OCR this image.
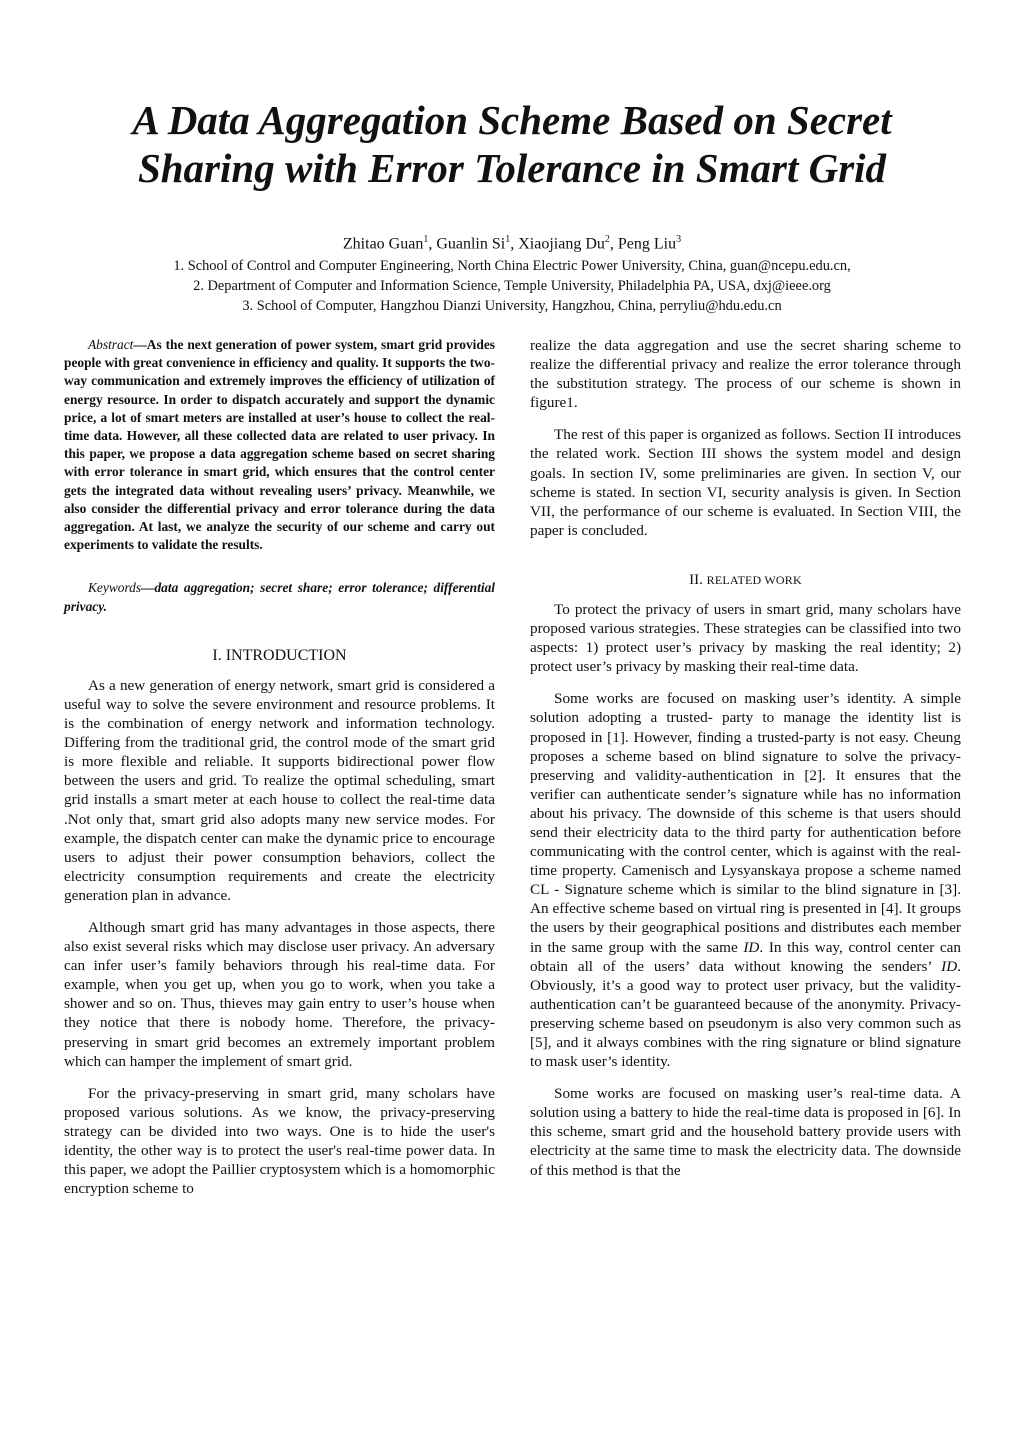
A Data Aggregation Scheme Based on Secret Sharing with Error Tolerance in Smart Grid
Zhitao Guan$^1$, Guanlin Si$^1$, Xiaojiang Du$^2$, Peng Liu$^3$
1. School of Control and Computer Engineering, North China Electric Power University, China, guan@ncepu.edu.cn,
2. Department of Computer and Information Science, Temple University, Philadelphia PA, USA, dxj@ieee.org
3. School of Computer, Hangzhou Dianzi University, Hangzhou, China, perryliu@hdu.edu.cn

Abstract—As the next generation of power system, smart grid provides people with great convenience in efficiency and quality. It supports the two-way communication and extremely improves the efficiency of utilization of energy resource. In order to dispatch accurately and support the dynamic price, a lot of smart meters are installed at user’s house to collect the real-time data. However, all these collected data are related to user privacy. In this paper, we propose a data aggregation scheme based on secret sharing with error tolerance in smart grid, which ensures that the control center gets the integrated data without revealing users’ privacy. Meanwhile, we also consider the differential privacy and error tolerance during the data aggregation. At last, we analyze the security of our scheme and carry out experiments to validate the results.

Keywords—data aggregation; secret share; error tolerance; differential privacy.

I. INTRODUCTION

As a new generation of energy network, smart grid is considered a useful way to solve the severe environment and resource problems. It is the combination of energy network and information technology. Differing from the traditional grid, the control mode of the smart grid is more flexible and reliable. It supports bidirectional power flow between the users and grid. To realize the optimal scheduling, smart grid installs a smart meter at each house to collect the real-time data .Not only that, smart grid also adopts many new service modes. For example, the dispatch center can make the dynamic price to encourage users to adjust their power consumption behaviors, collect the electricity consumption requirements and create the electricity generation plan in advance.

Although smart grid has many advantages in those aspects, there also exist several risks which may disclose user privacy. An adversary can infer user’s family behaviors through his real-time data. For example, when you get up, when you go to work, when you take a shower and so on. Thus, thieves may gain entry to user’s house when they notice that there is nobody home. Therefore, the privacy-preserving in smart grid becomes an extremely important problem which can hamper the implement of smart grid.

For the privacy-preserving in smart grid, many scholars have proposed various solutions. As we know, the privacy-preserving strategy can be divided into two ways. One is to hide the user's identity, the other way is to protect the user's real-time power data. In this paper, we adopt the Paillier cryptosystem which is a homomorphic encryption scheme to

realize the data aggregation and use the secret sharing scheme to realize the differential privacy and realize the error tolerance through the substitution strategy. The process of our scheme is shown in figure1.

The rest of this paper is organized as follows. Section II introduces the related work. Section III shows the system model and design goals. In section IV, some preliminaries are given. In section V, our scheme is stated. In section VI, security analysis is given. In Section VII, the performance of our scheme is evaluated. In Section VIII, the paper is concluded.

II. RELATED WORK

To protect the privacy of users in smart grid, many scholars have proposed various strategies. These strategies can be classified into two aspects: 1) protect user’s privacy by masking the real identity; 2) protect user’s privacy by masking their real-time data.

Some works are focused on masking user’s identity. A simple solution adopting a trusted- party to manage the identity list is proposed in [1]. However, finding a trusted-party is not easy. Cheung proposes a scheme based on blind signature to solve the privacy-preserving and validity-authentication in [2]. It ensures that the verifier can authenticate sender’s signature while has no information about his privacy. The downside of this scheme is that users should send their electricity data to the third party for authentication before communicating with the control center, which is against with the real-time property. Camenisch and Lysyanskaya propose a scheme named CL - Signature scheme which is similar to the blind signature in [3]. An effective scheme based on virtual ring is presented in [4]. It groups the users by their geographical positions and distributes each member in the same group with the same ID. In this way, control center can obtain all of the users’ data without knowing the senders’ ID. Obviously, it’s a good way to protect user privacy, but the validity-authentication can’t be guaranteed because of the anonymity. Privacy-preserving scheme based on pseudonym is also very common such as [5], and it always combines with the ring signature or blind signature to mask user’s identity.

Some works are focused on masking user’s real-time data. A solution using a battery to hide the real-time data is proposed in [6]. In this scheme, smart grid and the household battery provide users with electricity at the same time to mask the electricity data. The downside of this method is that the
